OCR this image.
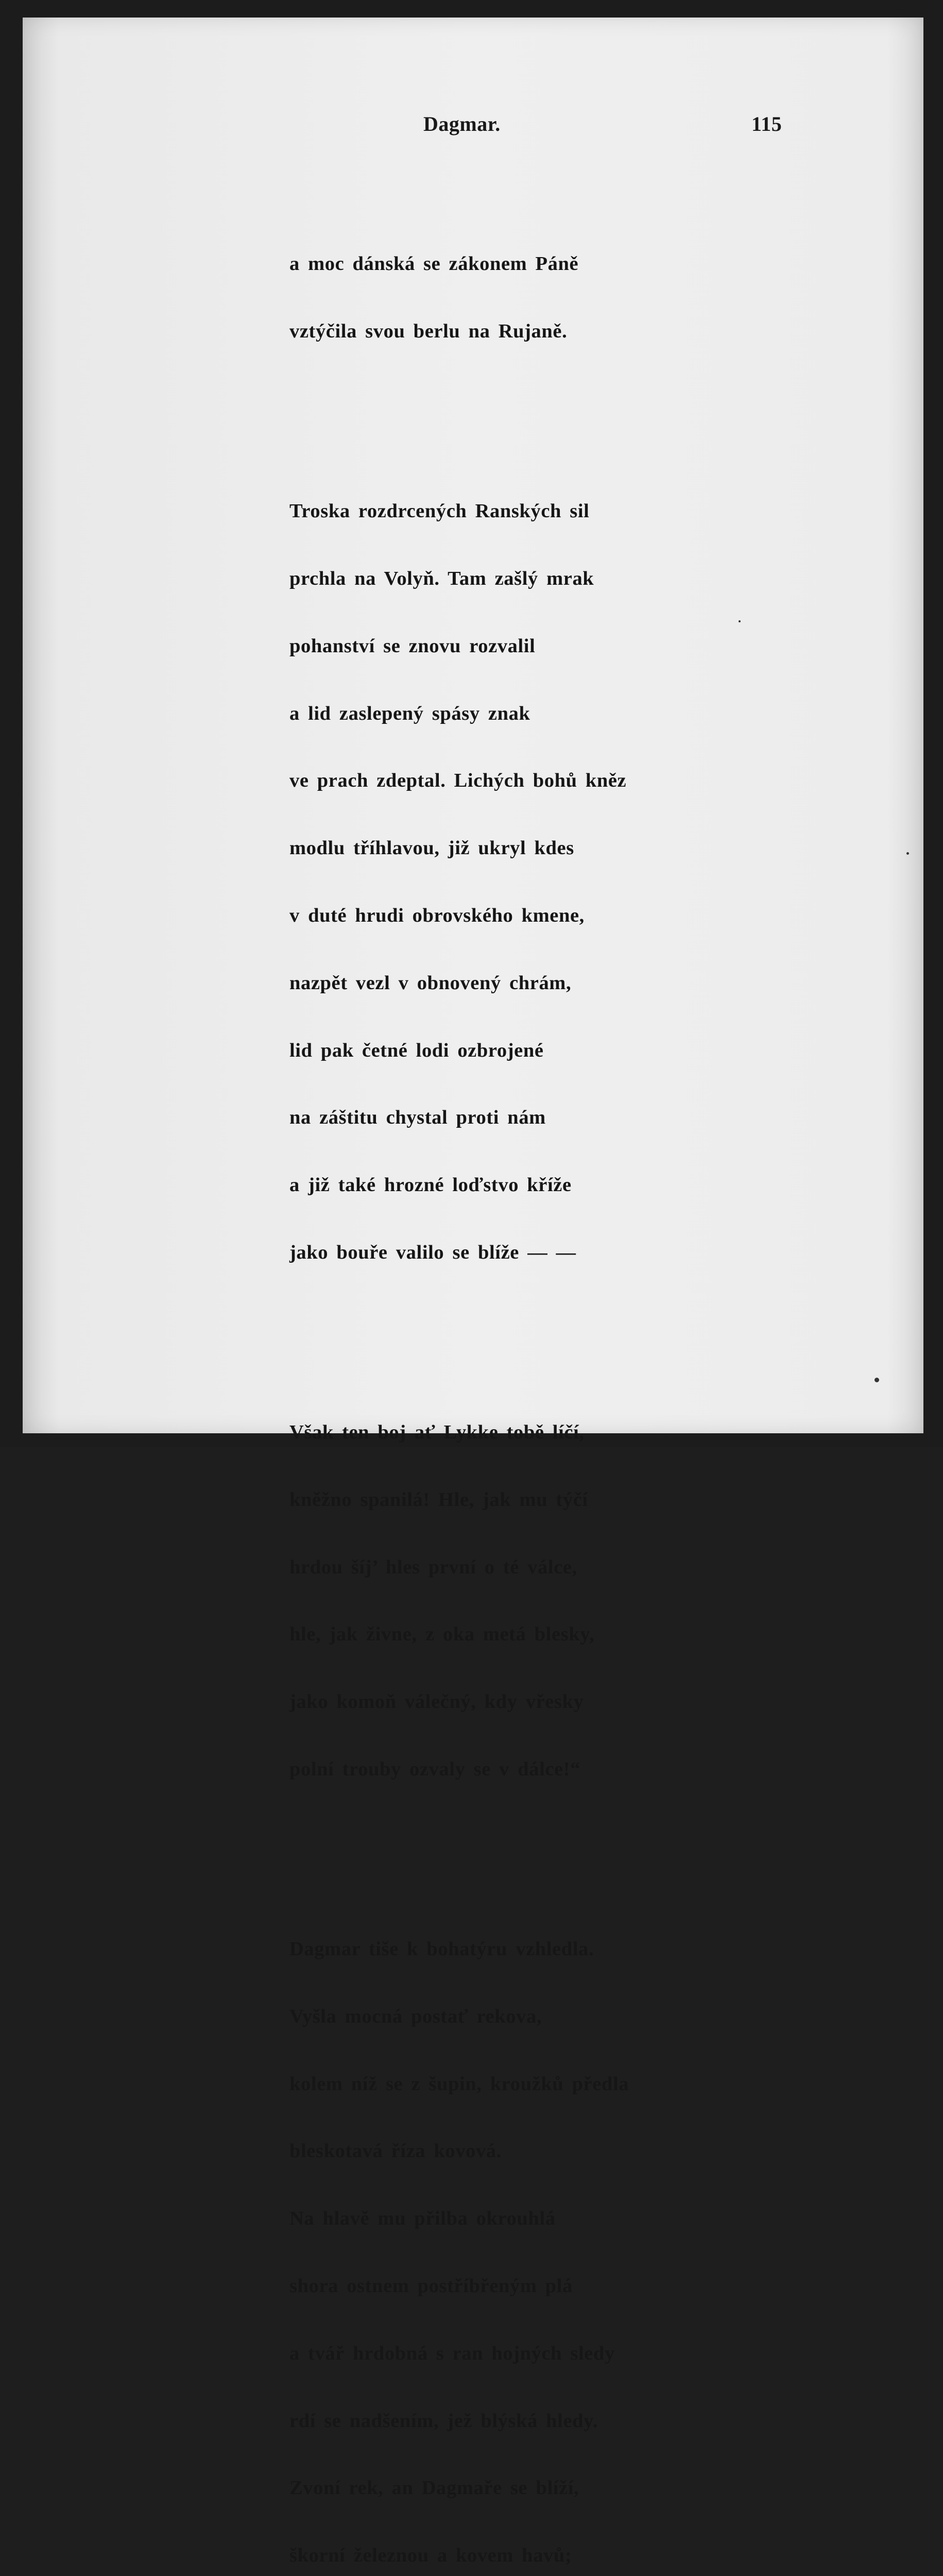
Dagmar.	115

a moc dánská se zákonem Páně

vztýčila svou berlu na Rujaně.

Troska rozdrcených Ranských sil

prchla na Volyň. Tam zašlý mrak

pohanství se znovu rozvalil

a lid zaslepený spásy znak

ve prach zdeptal. Lichých bohů kněz

modlu tříhlavou, již ukryl kdes

v duté hrudi obrovského kmene,

nazpět vezl v obnovený chrám,

lid pak četné lodi ozbrojené

na záštitu chystal proti nám

a již také hrozné loďstvo kříže

jako bouře valilo se blíže — —

Však ten boj ať Lykke tobě líčí,

kněžno spanilá! Hle, jak mu týčí

hrdou šíj’ hles první o té válce,

hle, jak živne, z oka metá blesky,

jako komoň válečný, kdy vřesky

polní trouby ozvaly se v dálce!“

Dagmar tiše k bohatýru vzhledla.

Vyšla mocná postať rekova,

kolem níž se z šupin, kroužků předla

bleskotavá říza kovová.

Na hlavě mu přilba okrouhlá

shora ostnem postříbřeným plá

a tvář hrdobná s ran hojných sledy

rdí se nadšením, jež blýská hledy.

Zvoní rek, an Dagmaře se blíží,

škorní železnou a kovem havů;
